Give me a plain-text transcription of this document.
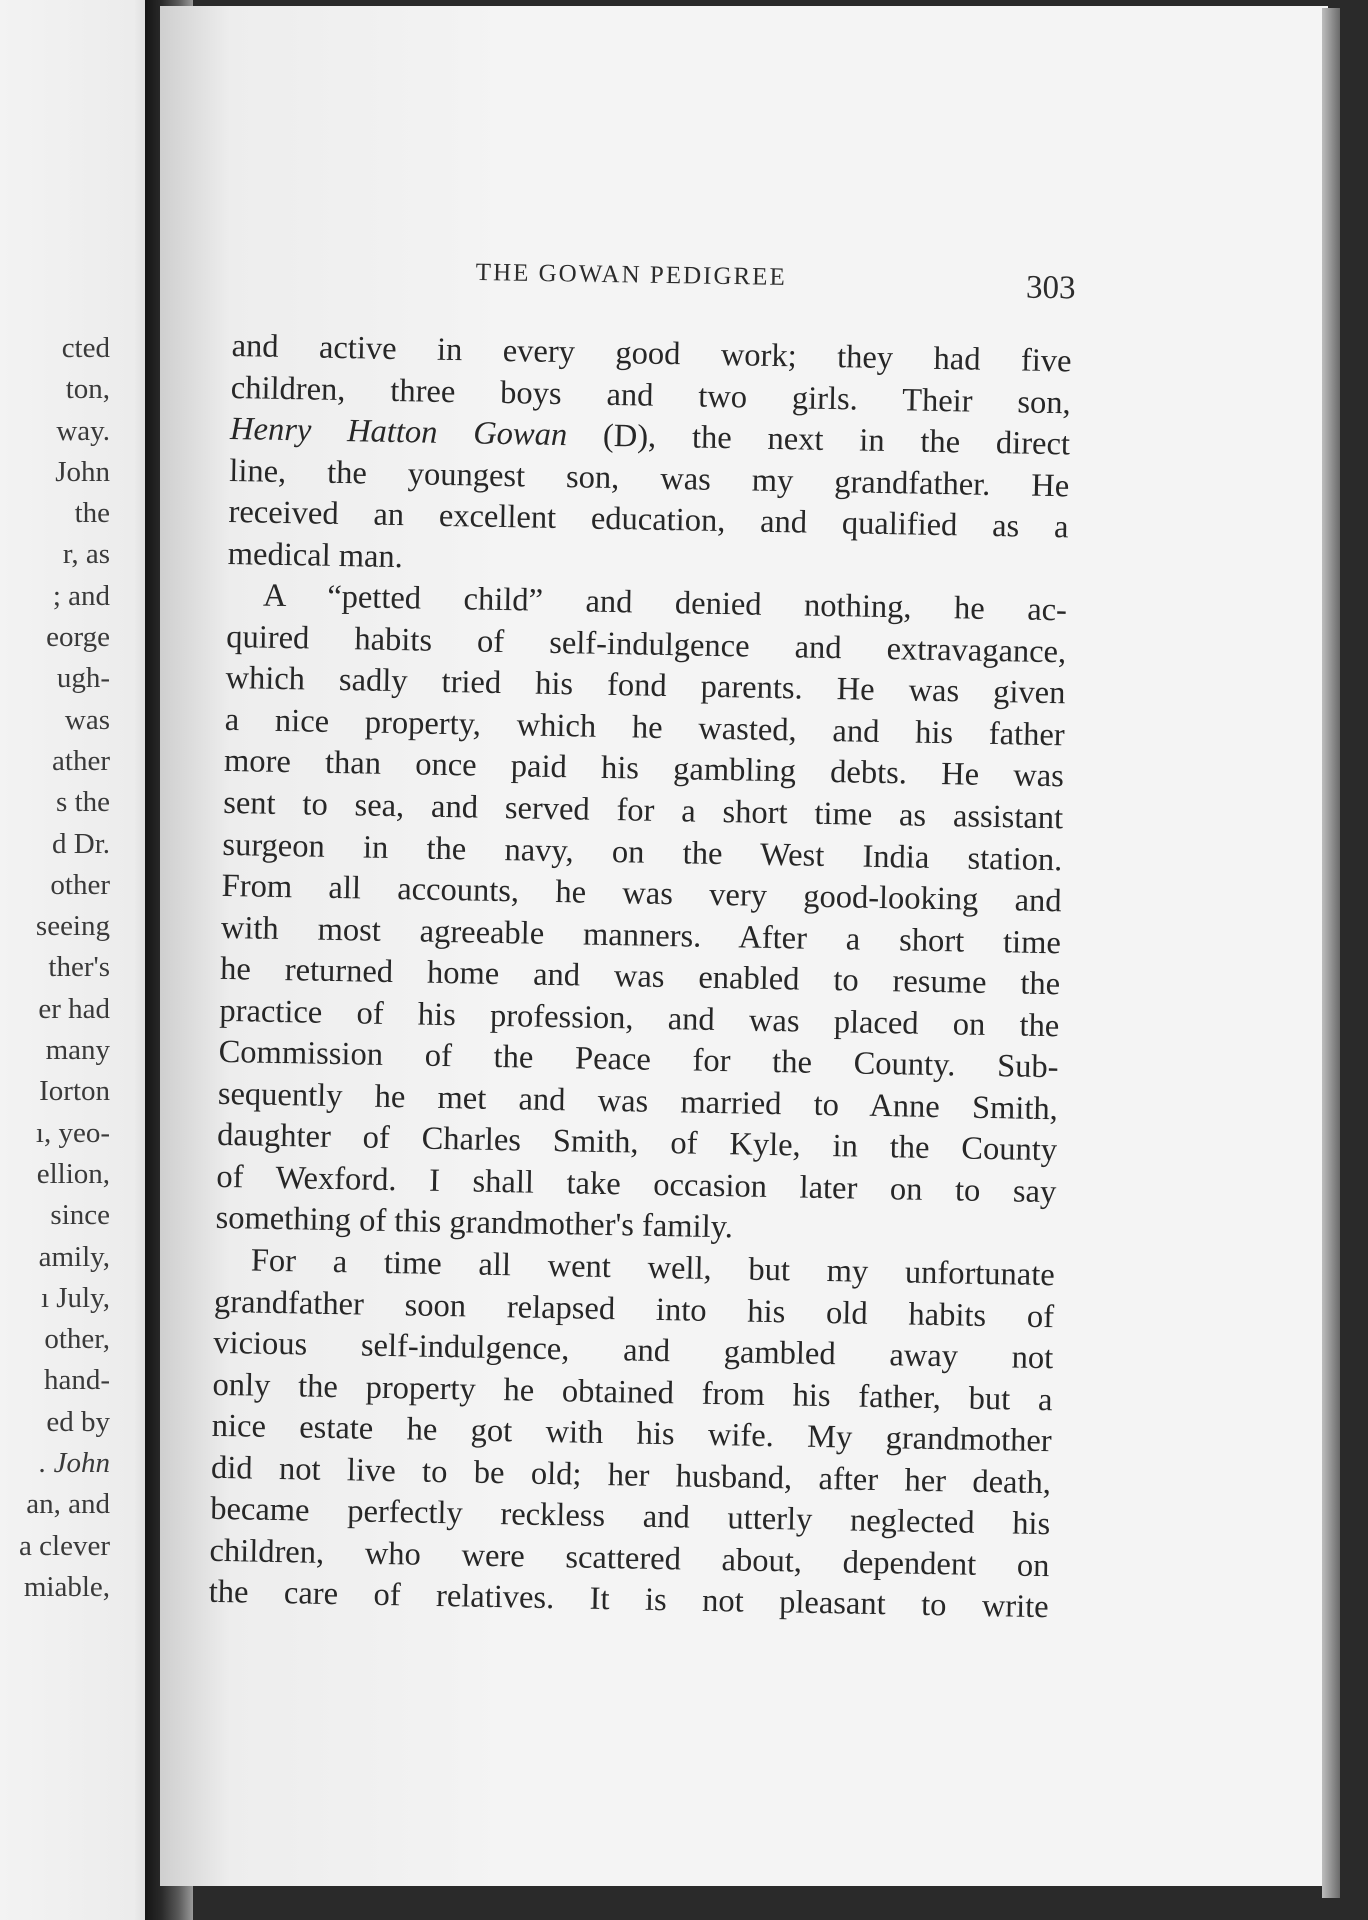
cted
ton,
way.
John
the
r, as
; and
eorge
ugh-
was
ather
s the
d Dr.
other
seeing
ther's
er had
many
Iorton
ı, yeo-
ellion,
since
amily,
ı July,
other,
hand-
ed by
. John
an, and
a clever
miable,
THE GOWAN PEDIGREE	303
and active in every good work; they had five
children, three boys and two girls. Their son,
Henry Hatton Gowan (D), the next in the direct
line, the youngest son, was my grandfather. He
received an excellent education, and qualified as a
medical man.
A “petted child” and denied nothing, he ac-
quired habits of self-indulgence and extravagance,
which sadly tried his fond parents. He was given
a nice property, which he wasted, and his father
more than once paid his gambling debts. He was
sent to sea, and served for a short time as assistant
surgeon in the navy, on the West India station.
From all accounts, he was very good-looking and
with most agreeable manners. After a short time
he returned home and was enabled to resume the
practice of his profession, and was placed on the
Commission of the Peace for the County. Sub-
sequently he met and was married to Anne Smith,
daughter of Charles Smith, of Kyle, in the County
of Wexford. I shall take occasion later on to say
something of this grandmother's family.
For a time all went well, but my unfortunate
grandfather soon relapsed into his old habits of
vicious self-indulgence, and gambled away not
only the property he obtained from his father, but a
nice estate he got with his wife. My grandmother
did not live to be old; her husband, after her death,
became perfectly reckless and utterly neglected his
children, who were scattered about, dependent on
the care of relatives. It is not pleasant to write
